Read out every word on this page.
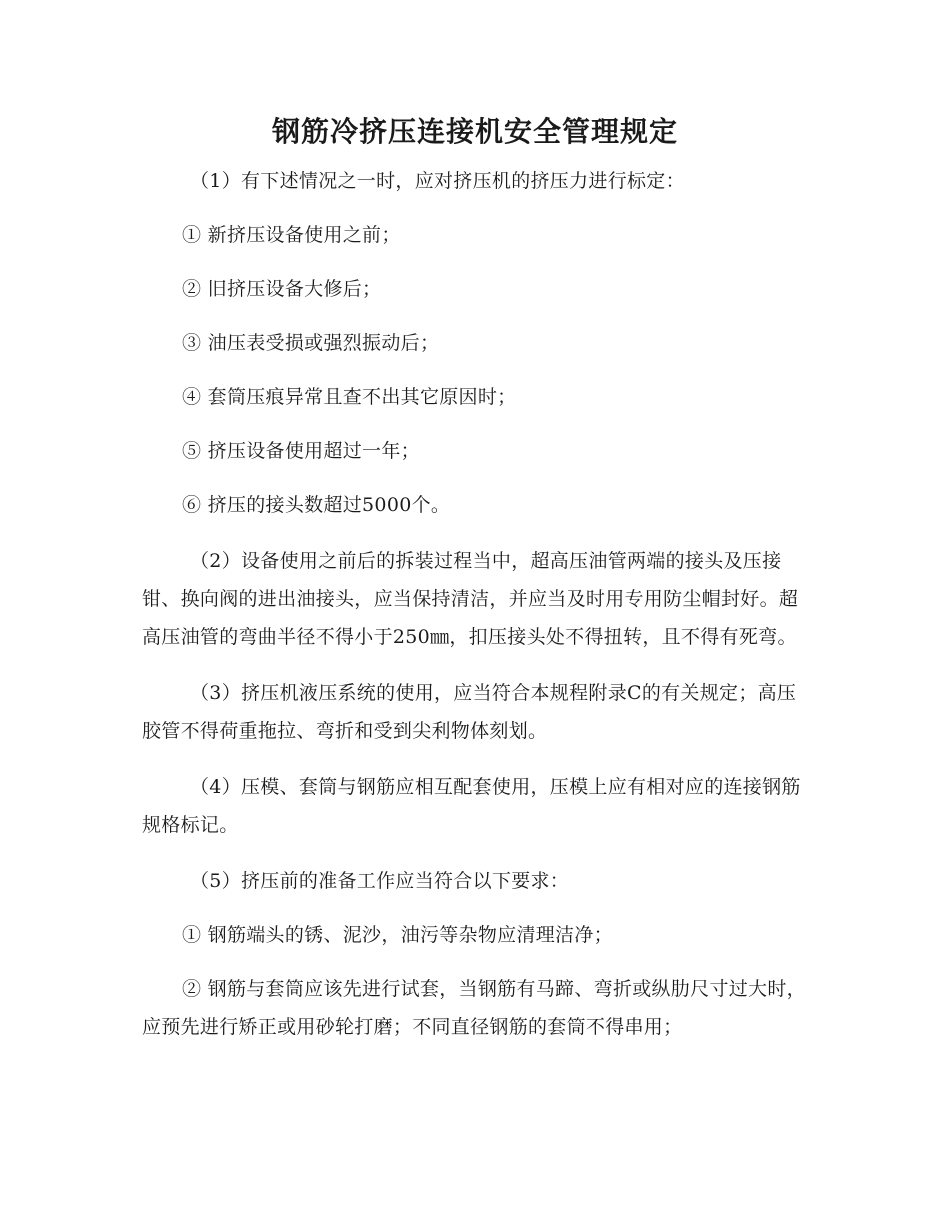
钢筋冷挤压连接机安全管理规定

（1）有下述情况之一时，应对挤压机的挤压力进行标定：

① 新挤压设备使用之前；

② 旧挤压设备大修后；

③ 油压表受损或强烈振动后；

④ 套筒压痕异常且查不出其它原因时；

⑤ 挤压设备使用超过一年；

⑥ 挤压的接头数超过5000个。

（2）设备使用之前后的拆装过程当中，超高压油管两端的接头及压接钳、换向阀的进出油接头，应当保持清洁，并应当及时用专用防尘帽封好。超高压油管的弯曲半径不得小于250㎜，扣压接头处不得扭转，且不得有死弯。

（3）挤压机液压系统的使用，应当符合本规程附录C的有关规定；高压胶管不得荷重拖拉、弯折和受到尖利物体刻划。

（4）压模、套筒与钢筋应相互配套使用，压模上应有相对应的连接钢筋规格标记。

（5）挤压前的准备工作应当符合以下要求：

① 钢筋端头的锈、泥沙，油污等杂物应清理洁净；

② 钢筋与套筒应该先进行试套，当钢筋有马蹄、弯折或纵肋尺寸过大时，应预先进行矫正或用砂轮打磨；不同直径钢筋的套筒不得串用；
